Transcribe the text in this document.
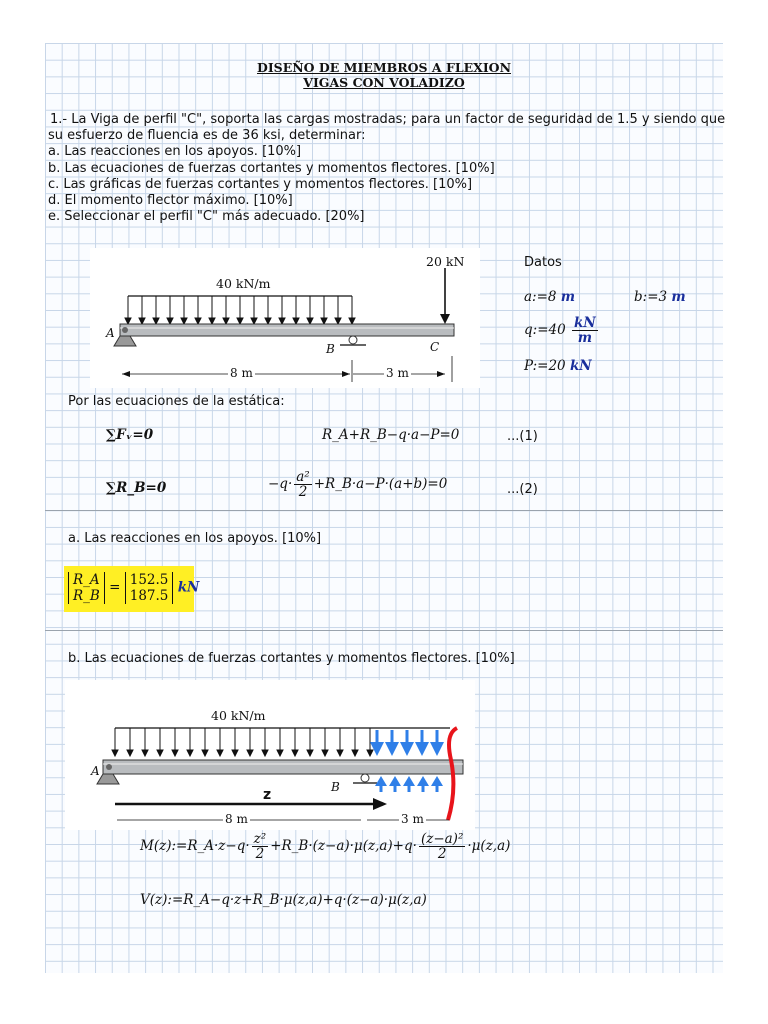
DISEÑO DE MIEMBROS A FLEXION
VIGAS CON VOLADIZO
1.- La Viga de perfil "C", soporta las cargas mostradas; para un factor de seguridad de 1.5 y siendo que
su esfuerzo de fluencia es de 36 ksi, determinar:
a. Las reacciones en los apoyos. [10%]
b. Las ecuaciones de fuerzas cortantes y momentos flectores. [10%]
c. Las gráficas de fuerzas cortantes y momentos flectores. [10%]
d. El momento flector máximo. [10%]
e. Seleccionar el perfil "C" más adecuado. [20%]
40 kN/m
20 kN
A
B	C
8 m	3 m
Datos
a:=8 m	b:=3 m
q:=40 $\frac{kN}{m}$
P:=20 kN
Por las ecuaciones de la estática:
∑Fᵥ=0	R_A+R_B−q·a−P=0	...(1)
∑R_B=0	$-q\cdot \frac{\text{a²}}{2}$ +R_B·a−P·(a+b)=0	...(2)
a. Las reacciones en los apoyos. [10%]
R_A
R_B
= 152.5
187.5
kN
b. Las ecuaciones de fuerzas cortantes y momentos flectores. [10%]
40 kN/m
z
A
B
8 m	3 m
M(z):=R_A·z−q· $\frac{\text{z²}}{2}$ +R_B·(z−a)·μ(z,a)+q· $\frac{\text{(z−a)²}}{2} \cdot\mu(z,a)$
V(z):=R_A−q·z+R_B·μ(z,a)+q·(z−a)·μ(z,a)
